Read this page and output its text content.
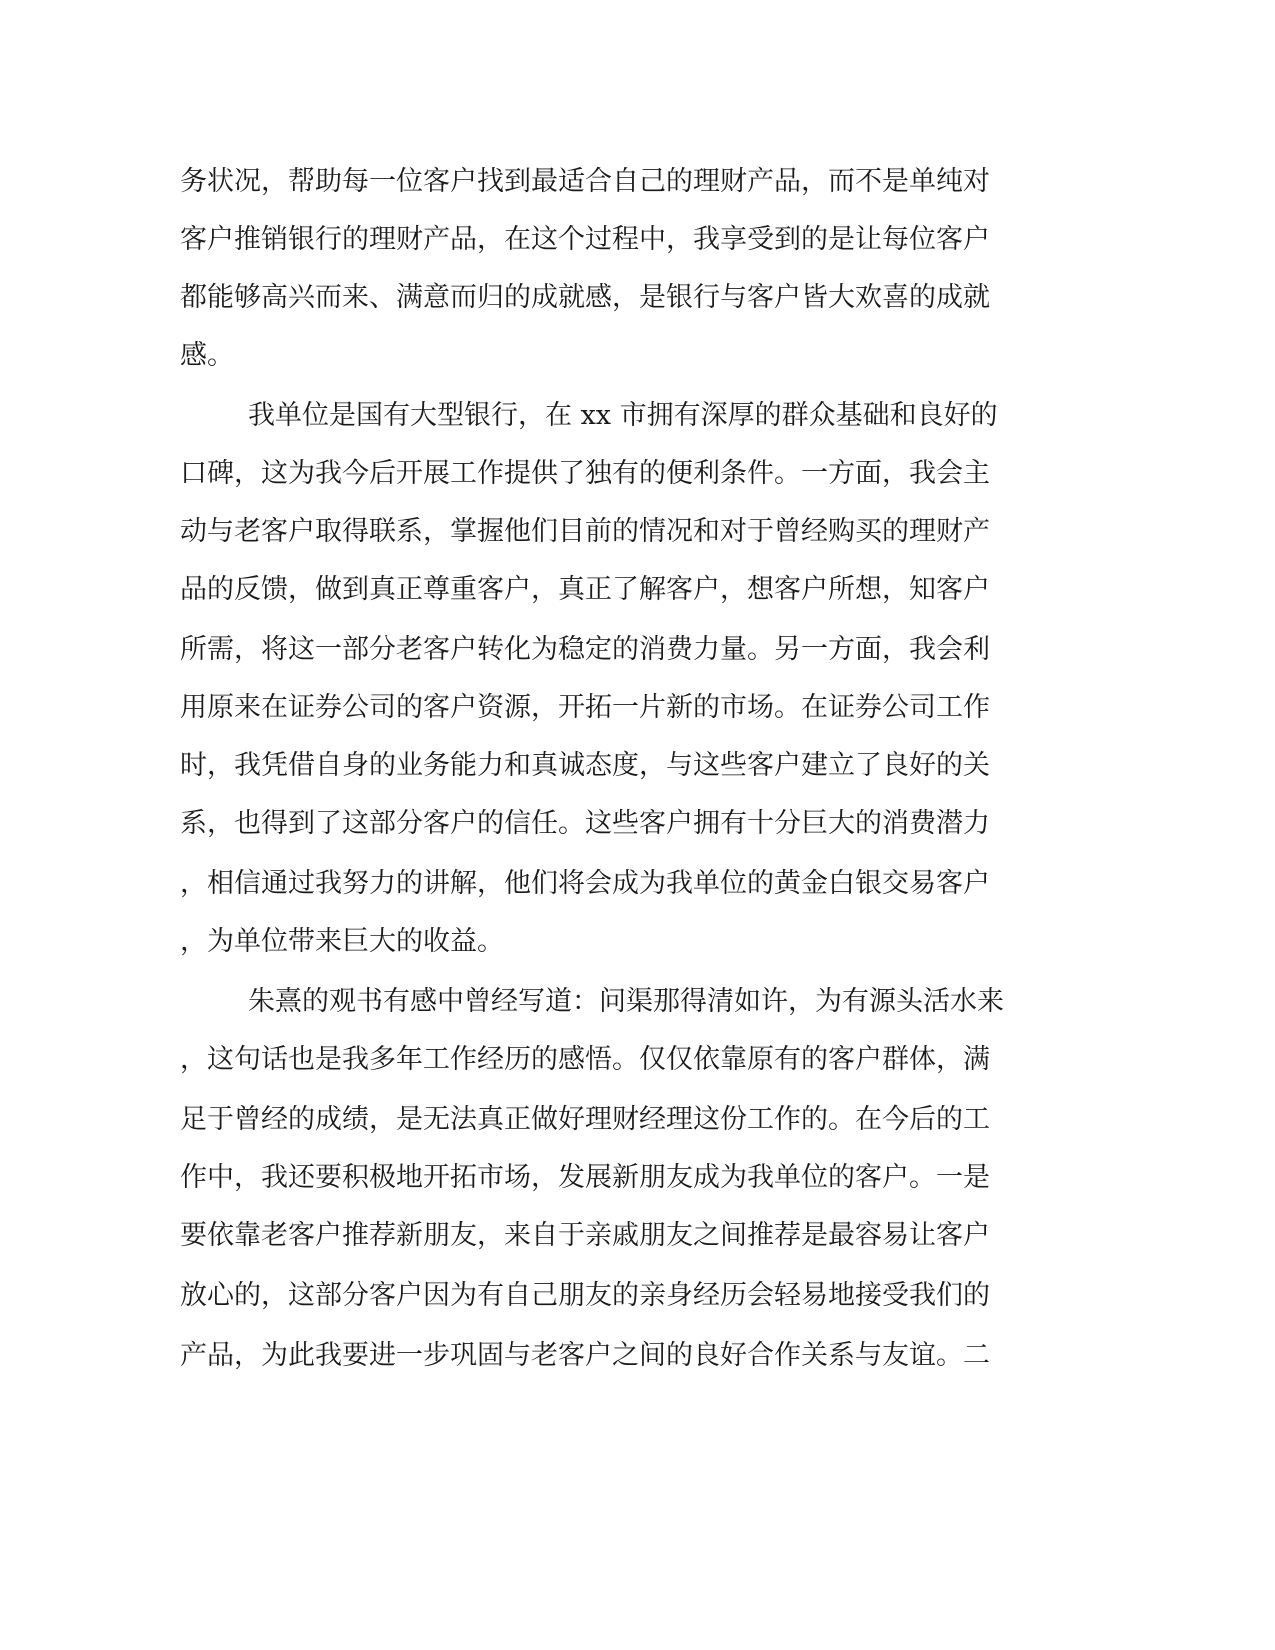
务状况，帮助每一位客户找到最适合自己的理财产品，而不是单纯对
客户推销银行的理财产品，在这个过程中，我享受到的是让每位客户
都能够高兴而来、满意而归的成就感，是银行与客户皆大欢喜的成就
感。
我单位是国有大型银行，在 xx 市拥有深厚的群众基础和良好的
口碑，这为我今后开展工作提供了独有的便利条件。一方面，我会主
动与老客户取得联系，掌握他们目前的情况和对于曾经购买的理财产
品的反馈，做到真正尊重客户，真正了解客户，想客户所想，知客户
所需，将这一部分老客户转化为稳定的消费力量。另一方面，我会利
用原来在证券公司的客户资源，开拓一片新的市场。在证券公司工作
时，我凭借自身的业务能力和真诚态度，与这些客户建立了良好的关
系，也得到了这部分客户的信任。这些客户拥有十分巨大的消费潜力
，相信通过我努力的讲解，他们将会成为我单位的黄金白银交易客户
，为单位带来巨大的收益。
朱熹的观书有感中曾经写道：问渠那得清如许，为有源头活水来
，这句话也是我多年工作经历的感悟。仅仅依靠原有的客户群体，满
足于曾经的成绩，是无法真正做好理财经理这份工作的。在今后的工
作中，我还要积极地开拓市场，发展新朋友成为我单位的客户。一是
要依靠老客户推荐新朋友，来自于亲戚朋友之间推荐是最容易让客户
放心的，这部分客户因为有自己朋友的亲身经历会轻易地接受我们的
产品，为此我要进一步巩固与老客户之间的良好合作关系与友谊。二
